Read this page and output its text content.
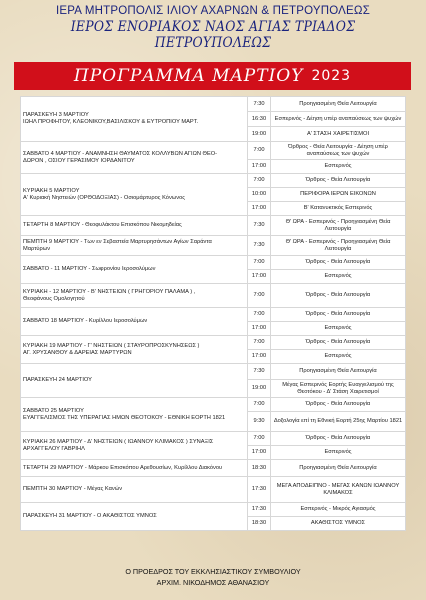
ΙΕΡΑ ΜΗΤΡΟΠΟΛΙΣ ΙΛΙΟΥ ΑΧΑΡΝΩΝ & ΠΕΤΡΟΥΠΟΛΕΩΣ
ΙΕΡΟΣ ΕΝΟΡΙΑΚΟΣ ΝΑΟΣ ΑΓΙΑΣ ΤΡΙΑΔΟΣ ΠΕΤΡΟΥΠΟΛΕΩΣ
ΠΡΟΓΡΑΜΜΑ ΜΑΡΤΙΟΥ 2023
ΠΑΡΑΣΚΕΥΗ 3 ΜΑΡΤΙΟΥ
ΙΩΗΛ ΠΡΟΦΗΤΟΥ, ΚΛΕΟΝΙΚΟΥ,ΒΑΣΙΛΙΣΚΟΥ & ΕΥΤΡΟΠΙΟΥ ΜΑΡΤ.	7:30	Προηγιασμένη Θεία Λειτουργία
	16:30	Εσπερινός - Δέηση υπέρ αναπαύσεως των ψυχών
	19:00	Α' ΣΤΑΣΗ ΧΑΙΡΕΤΙΣΜΟΙ

ΣΑΒΒΑΤΟ 4 ΜΑΡΤΙΟΥ - ΑΝΑΜΝΗΣΗ ΘΑΥΜΑΤΟΣ ΚΟΛΛΥΒΩΝ ΑΓΙΩΝ ΘΕΟ-
ΔΩΡΟΝ , ΟΣΙΟΥ ΓΕΡΑΣΙΜΟΥ ΙΟΡΔΑΝΙΤΟΥ	7:00	Όρθρος - Θεία Λειτουργία - Δέηση υπέρ αναπαύσεως των ψυχών
	17:00	Εσπερινός

ΚΥΡΙΑΚΗ 5 ΜΑΡΤΙΟΥ
Α' Κυριακή Νηστειών (ΟΡΘΟΔΟΞΙΑΣ) - Οσιομάρτυρος Κόνωνος	7:00	Όρθρος - Θεία Λειτουργία
	10:00	ΠΕΡΙΦΟΡΑ ΙΕΡΩΝ ΕΙΚΟΝΩΝ
	17:00	Β' Κατανυκτικός Εσπερινός

ΤΕΤΑΡΤΗ 8 ΜΑΡΤΙΟΥ - Θεοφυλάκτου Επισκόπου Νικομηδείας	7:30	Θ' ΩΡΑ - Εσπερινός - Προηγιασμένη Θεία Λειτουργία

ΠΕΜΠΤΗ 9 ΜΑΡΤΙΟΥ - Των εν Σεβαστεία Μαρτυρησάντων Αγίων Σαράντα
Μαρτύρων	7:30	Θ' ΩΡΑ - Εσπερινός - Προηγιασμένη Θεία Λειτουργία

ΣΑΒΒΑΤΟ - 11 ΜΑΡΤΙΟΥ - Σωφρονίου Ιεροσολύμων	7:00	Όρθρος - Θεία Λειτουργία
	17:00	Εσπερινός

ΚΥΡΙΑΚΗ - 12 ΜΑΡΤΙΟΥ - Β' ΝΗΣΤΕΙΩΝ ( ΓΡΗΓΟΡΙΟΥ ΠΑΛΑΜΑ ) ,
Θεοφάνους Ομολογητού	7:00	Όρθρος - Θεία Λειτουργία

ΣΑΒΒΑΤΟ 18 ΜΑΡΤΙΟΥ - Κυρίλλου Ιεροσολύμων	7:00	Όρθρος - Θεία Λειτουργία
	17:00	Εσπερινός

ΚΥΡΙΑΚΗ 19 ΜΑΡΤΙΟΥ - Γ' ΝΗΣΤΕΙΩΝ ( ΣΤΑΥΡΟΠΡΟΣΚΥΝΗΣΕΩΣ )
ΑΓ. ΧΡΥΣΑΝΘΟΥ & ΔΑΡΕΙΑΣ ΜΑΡΤΥΡΩΝ	7:00	Όρθρος - Θεία Λειτουργία
	17:00	Εσπερινός

ΠΑΡΑΣΚΕΥΗ 24 ΜΑΡΤΙΟΥ	7:30	Προηγιασμένη Θεία Λειτουργία
	19:00	Μέγας Εσπερινός Εορτής Ευαγγελισμού της Θεοτόκου - Δ' Στάση Χαιρετισμοί

ΣΑΒΒΑΤΟ 25 ΜΑΡΤΙΟΥ
ΕΥΑΓΓΕΛΙΣΜΟΣ ΤΗΣ ΥΠΕΡΑΓΙΑΣ ΗΜΩΝ ΘΕΟΤΟΚΟΥ - ΕΘΝΙΚΗ ΕΟΡΤΗ 1821	7:00	Όρθρος - Θεία Λειτουργία
	9:30	Δοξολογία επί τη Εθνική Εορτή 25ης Μαρτίου 1821

ΚΥΡΙΑΚΗ 26 ΜΑΡΤΙΟΥ - Δ' ΝΗΣΤΕΙΩΝ ( ΙΩΑΝΝΟΥ ΚΛΙΜΑΚΟΣ ) ΣΥΝΑΞΙΣ
ΑΡΧΑΓΓΕΛΟΥ ΓΑΒΡΙΗΛ	7:00	Όρθρος - Θεία Λειτουργία
	17:00	Εσπερινός

ΤΕΤΑΡΤΗ 29 ΜΑΡΤΙΟΥ - Μάρκου Επισκόπου Αρεθουσίων, Κυρίλλου Διακόνου	18:30	Προηγιασμένη Θεία Λειτουργία

ΠΕΜΠΤΗ 30 ΜΑΡΤΙΟΥ - Μέγας Κανών	17:30	ΜΕΓΑ ΑΠΟΔΕΙΠΝΟ - ΜΕΓΑΣ ΚΑΝΩΝ ΙΩΑΝΝΟΥ ΚΛΙΜΑΚΟΣ

ΠΑΡΑΣΚΕΥΗ 31 ΜΑΡΤΙΟΥ - Ο ΑΚΑΘΙΣΤΟΣ ΥΜΝΟΣ	17:30	Εσπερινός - Μικρός Αγιασμός
	18:30	ΑΚΑΘΙΣΤΟΣ ΥΜΝΟΣ
Ο ΠΡΟΕΔΡΟΣ ΤΟΥ ΕΚΚΛΗΣΙΑΣΤΙΚΟΥ ΣΥΜΒΟΥΛΙΟΥ
ΑΡΧΙΜ. ΝΙΚΟΔΗΜΟΣ ΑΘΑΝΑΣΙΟΥ
